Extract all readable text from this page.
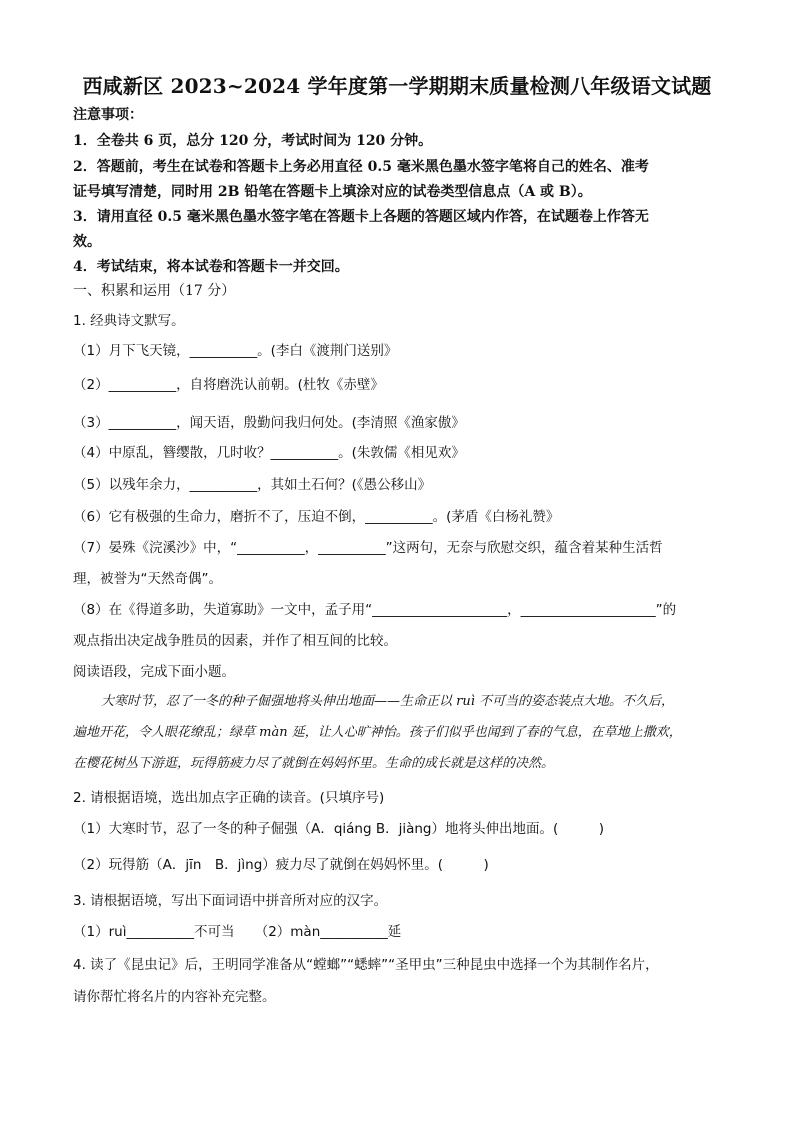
西咸新区 2023~2024 学年度第一学期期末质量检测八年级语文试题
注意事项：
1．全卷共 6 页，总分 120 分，考试时间为 120 分钟。
2．答题前，考生在试卷和答题卡上务必用直径 0.5 毫米黑色墨水签字笔将自己的姓名、准考
证号填写清楚，同时用 2B 铅笔在答题卡上填涂对应的试卷类型信息点（A 或 B）。
3．请用直径 0.5 毫米黑色墨水签字笔在答题卡上各题的答题区域内作答，在试题卷上作答无
效。
4．考试结束，将本试卷和答题卡一并交回。
一、积累和运用（17 分）
1. 经典诗文默写。
（1）月下飞天镜，__________。(李白《渡荆门送别》
（2）__________，自将磨洗认前朝。(杜牧《赤壁》
（3）__________，闻天语，殷勤问我归何处。(李清照《渔家傲》
（4）中原乱，簪缨散，几时收？__________。(朱敦儒《相见欢》
（5）以残年余力，__________，其如土石何？(《愚公移山》
（6）它有极强的生命力，磨折不了，压迫不倒，__________。(茅盾《白杨礼赞》
（7）晏殊《浣溪沙》中，“__________，__________”这两句，无奈与欣慰交织，蕴含着某种生活哲
理，被誉为“天然奇偶”。
（8）在《得道多助，失道寡助》一文中，孟子用“____________________，____________________”的
观点指出决定战争胜员的因素，并作了相互间的比较。
阅读语段，完成下面小题。
大寒时节，忍了一冬的种子倔强地将头伸出地面——生命正以 ruì 不可当的姿态装点大地。不久后，
遍地开花，令人眼花缭乱；绿草 màn 延，让人心旷神怡。孩子们似乎也闻到了春的气息，在草地上撒欢，
在樱花树丛下游逛，玩得筋疲力尽了就倒在妈妈怀里。生命的成长就是这样的决然。
2. 请根据语境，选出加点字正确的读音。(只填序号)
（1）大寒时节，忍了一冬的种子倔强（A．qiáng B．jiàng）地将头伸出地面。(　　　)
（2）玩得筋（A．jīn　B．jìng）疲力尽了就倒在妈妈怀里。(　　　)
3. 请根据语境，写出下面词语中拼音所对应的汉字。
（1）ruì__________不可当　　（2）màn__________延
4. 读了《昆虫记》后，王明同学准备从“螳螂”“蟋蟀”“圣甲虫”三种昆虫中选择一个为其制作名片，
请你帮忙将名片的内容补充完整。
